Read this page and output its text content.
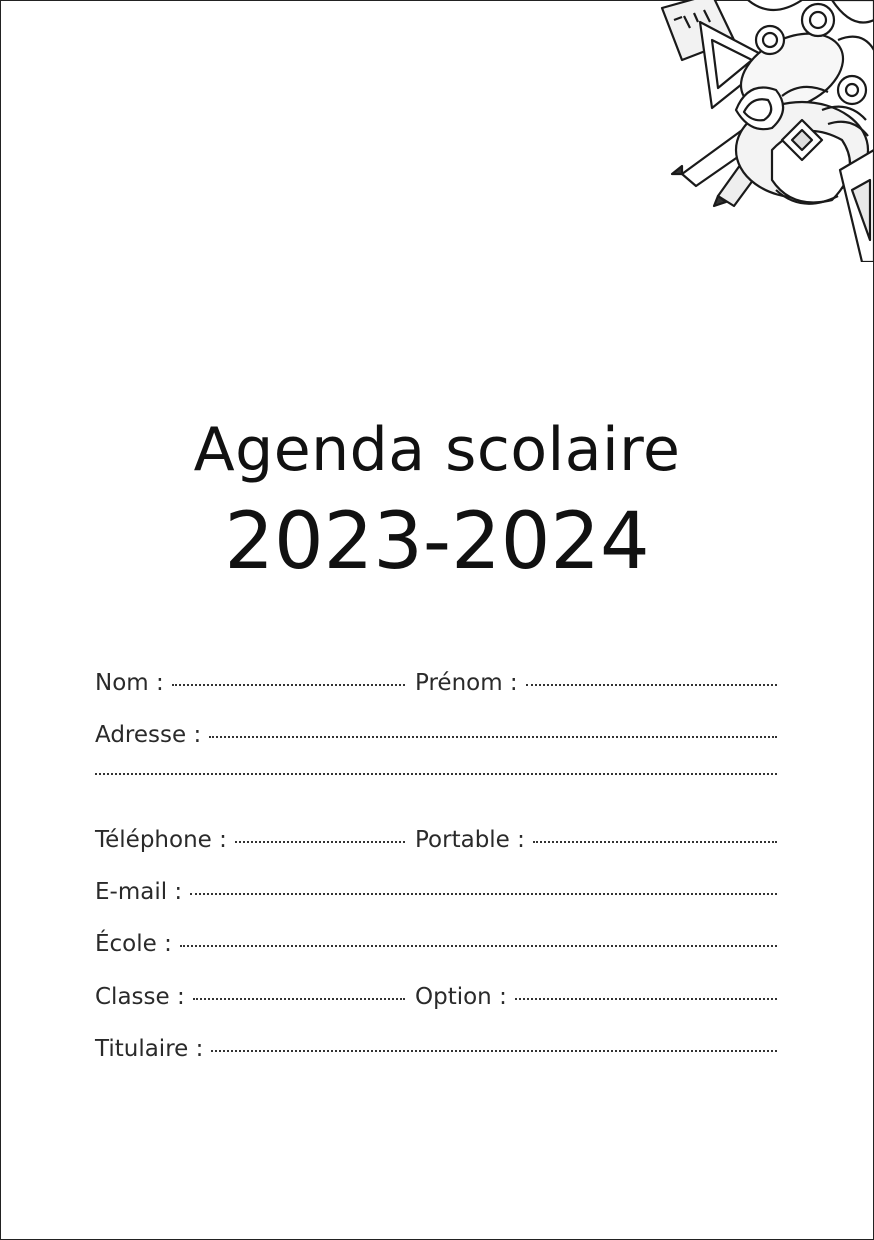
Agenda scolaire
2023-2024
Nom :	Prénom :
Adresse :
Téléphone :	Portable :
E-mail :
École :
Classe :	Option :
Titulaire :
